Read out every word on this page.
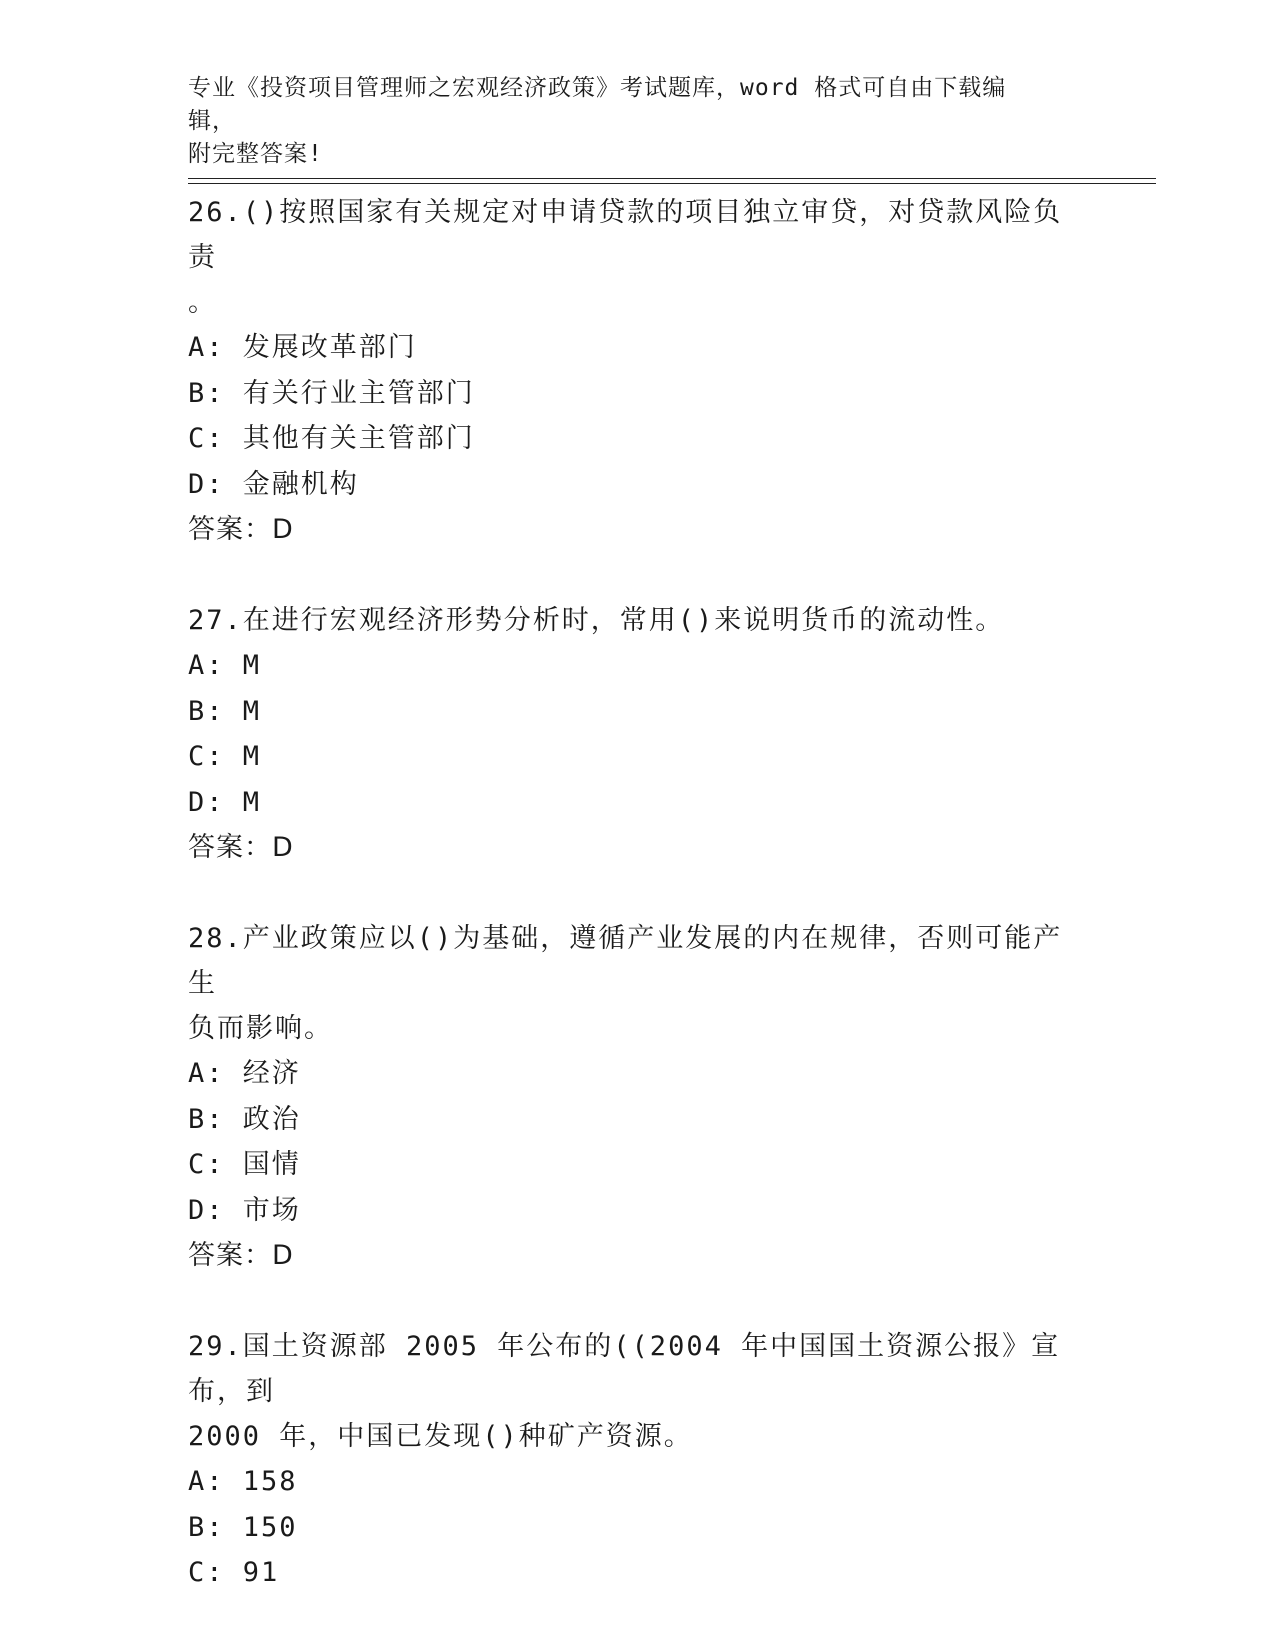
专业《投资项目管理师之宏观经济政策》考试题库，word 格式可自由下载编辑，
附完整答案!
26.()按照国家有关规定对申请贷款的项目独立审贷，对贷款风险负责
。
A: 发展改革部门
B: 有关行业主管部门
C: 其他有关主管部门
D: 金融机构
答案：D
27.在进行宏观经济形势分析时，常用()来说明货币的流动性。
A: M
B: M
C: M
D: M
答案：D
28.产业政策应以()为基础，遵循产业发展的内在规律，否则可能产生
负而影响。
A: 经济
B: 政治
C: 国情
D: 市场
答案：D
29.国土资源部 2005 年公布的((2004 年中国国土资源公报》宣布，到
2000 年，中国已发现()种矿产资源。
A: 158
B: 150
C: 91
